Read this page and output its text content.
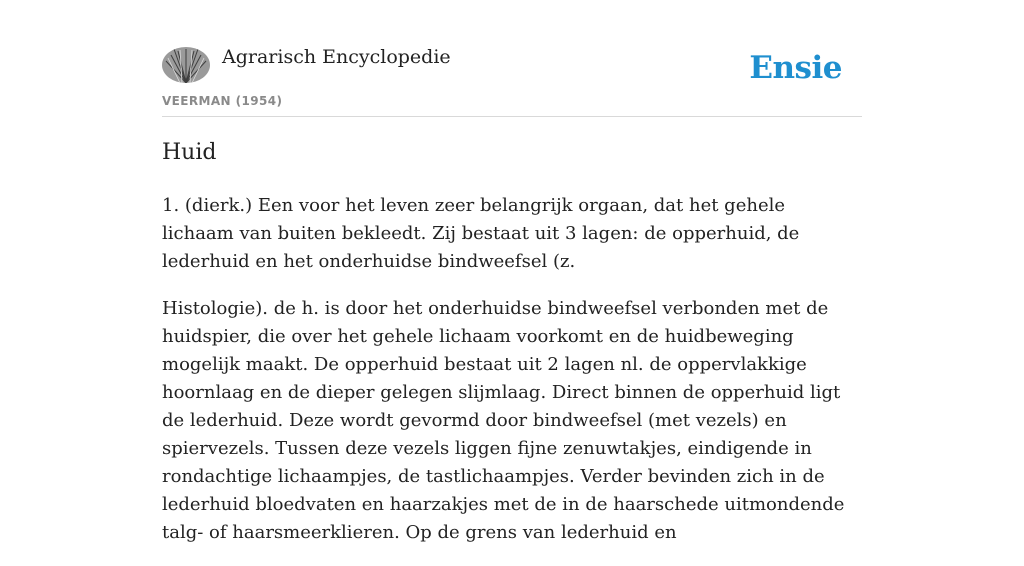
Agrarisch Encyclopedie
VEERMAN (1954)
Ensie
Huid

1. (dierk.) Een voor het leven zeer belangrijk orgaan, dat het gehele lichaam van buiten bekleedt. Zij bestaat uit 3 lagen: de opperhuid, de lederhuid en het onderhuidse bindweefsel (z.

Histologie). de h. is door het onderhuidse bindweefsel verbonden met de huidspier, die over het gehele lichaam voorkomt en de huidbeweging mogelijk maakt. De opperhuid bestaat uit 2 lagen nl. de oppervlakkige hoornlaag en de dieper gelegen slijmlaag. Direct binnen de opperhuid ligt de lederhuid. Deze wordt gevormd door bindweefsel (met vezels) en spiervezels. Tussen deze vezels liggen fijne zenuwtakjes, eindigende in rondachtige lichaampjes, de tastlichaampjes. Verder bevinden zich in de lederhuid bloedvaten en haarzakjes met de in de haarschede uitmondende talg- of haarsmeerklieren. Op de grens van lederhuid en
